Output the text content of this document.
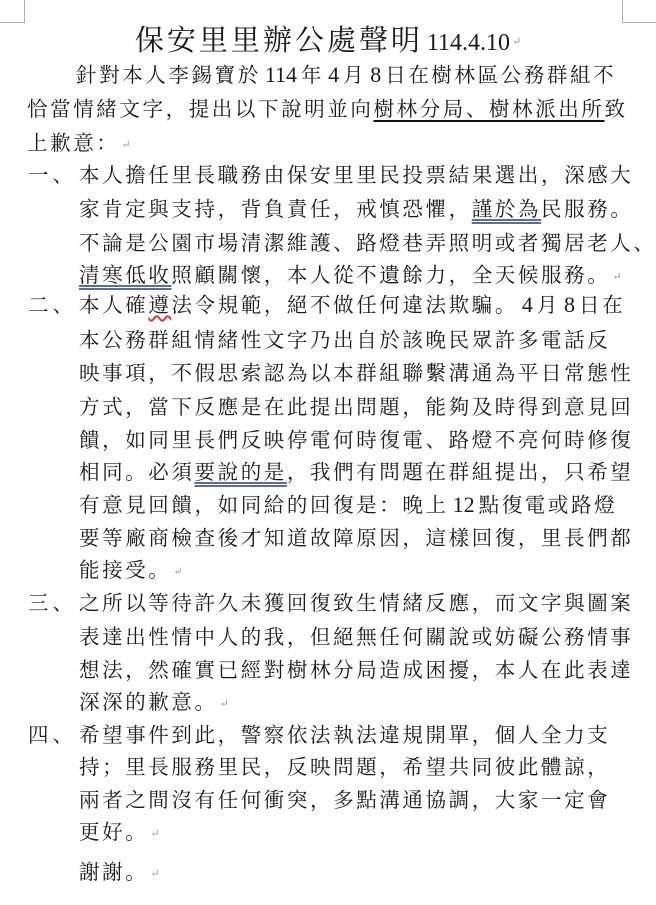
保安里里辦公處聲明 114.4.10 ↵
針對本人李錫寶於 114 年 4 月 8 日在樹林區公務群組不
恰當情緒文字，提出以下說明並向樹林分局、樹林派出所致
上歉意： ↵
一、 本人擔任里長職務由保安里里民投票結果選出，深感大
家肯定與支持，背負責任，戒慎恐懼，謹於為民服務。
不論是公園市場清潔維護、路燈巷弄照明或者獨居老人、
清寒低收照顧關懷，本人從不遺餘力，全天候服務。 ↵
二、 本人確遵法令規範，絕不做任何違法欺騙。 4 月 8 日在
本公務群組情緒性文字乃出自於該晚民眾許多電話反
映事項，不假思索認為以本群組聯繫溝通為平日常態性
方式，當下反應是在此提出問題，能夠及時得到意見回
饋，如同里長們反映停電何時復電、路燈不亮何時修復
相同。必須要說的是，我們有問題在群組提出，只希望
有意見回饋，如同給的回復是：晚上 12 點復電或路燈
要等廠商檢查後才知道故障原因，這樣回復，里長們都
能接受。 ↵
三、 之所以等待許久未獲回復致生情緒反應，而文字與圖案
表達出性情中人的我，但絕無任何關說或妨礙公務情事
想法，然確實已經對樹林分局造成困擾，本人在此表達
深深的歉意。 ↵
四、 希望事件到此，警察依法執法違規開單，個人全力支
持；里長服務里民，反映問題，希望共同彼此體諒，
兩者之間沒有任何衝突，多點溝通協調，大家一定會
更好。 ↵
謝謝。 ↵
